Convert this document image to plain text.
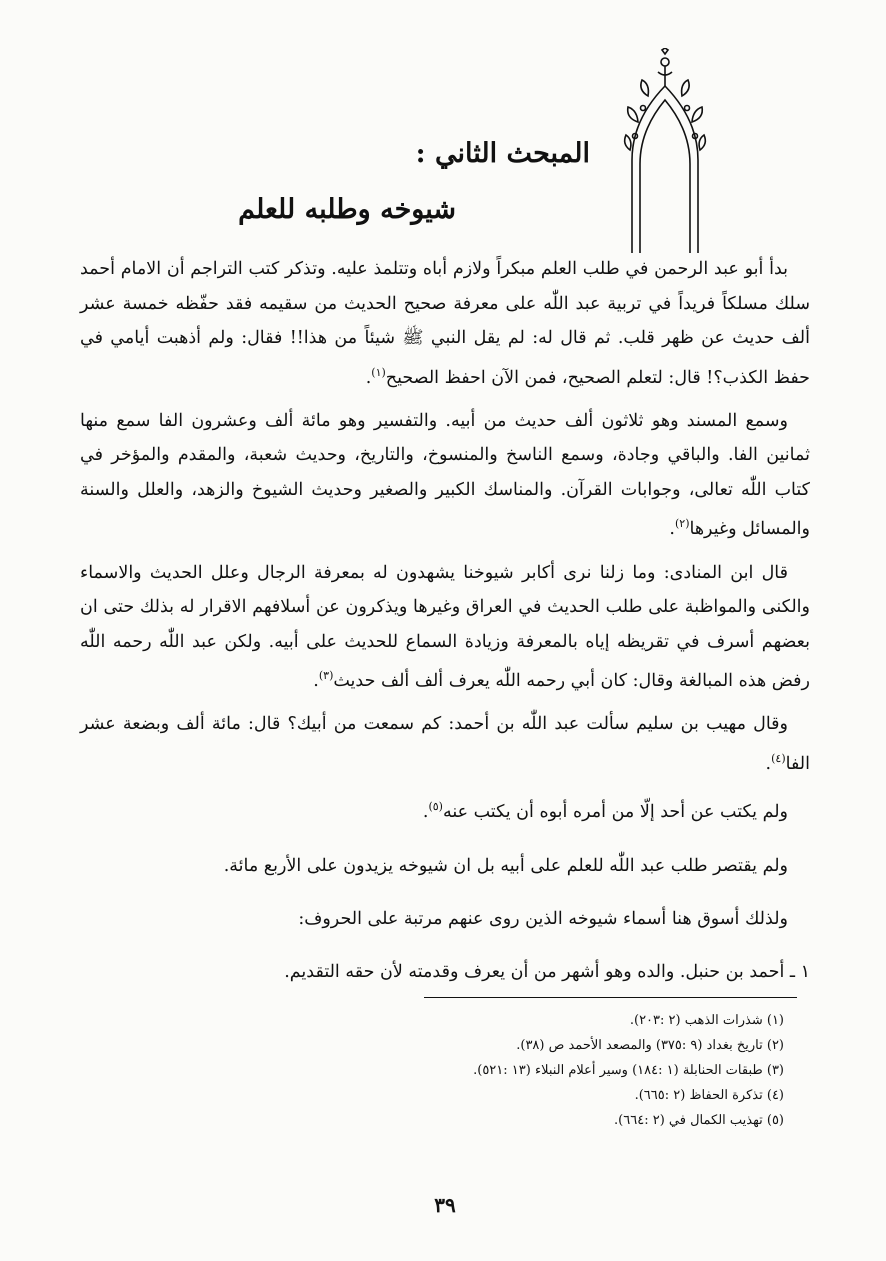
المبحث الثاني :
شيوخه وطلبه للعلم

بدأ أبو عبد الرحمن في طلب العلم مبكراً ولازم أباه وتتلمذ عليه. وتذكر كتب التراجم أن الامام أحمد سلك مسلكاً فريداً في تربية عبد اللّٰه على معرفة صحيح الحديث من سقيمه فقد حفّظه خمسة عشر ألف حديث عن ظهر قلب. ثم قال له: لم يقل النبي ﷺ شيئاً من هذا!! فقال: ولم أذهبت أيامي في حفظ الكذب؟! قال: لتعلم الصحيح، فمن الآن احفظ الصحيح$^{(١)}$.

وسمع المسند وهو ثلاثون ألف حديث من أبيه. والتفسير وهو مائة ألف وعشرون الفا سمع منها ثمانين الفا. والباقي وجادة، وسمع الناسخ والمنسوخ، والتاريخ، وحديث شعبة، والمقدم والمؤخر في كتاب اللّٰه تعالى، وجوابات القرآن. والمناسك الكبير والصغير وحديث الشيوخ والزهد، والعلل والسنة والمسائل وغيرها$^{(٢)}$.

قال ابن المنادى: وما زلنا نرى أكابر شيوخنا يشهدون له بمعرفة الرجال وعلل الحديث والاسماء والكنى والمواظبة على طلب الحديث في العراق وغيرها ويذكرون عن أسلافهم الاقرار له بذلك حتى ان بعضهم أسرف في تقريظه إياه بالمعرفة وزيادة السماع للحديث على أبيه. ولكن عبد اللّٰه رحمه اللّٰه رفض هذه المبالغة وقال: كان أبي رحمه اللّٰه يعرف ألف ألف حديث$^{(٣)}$.

وقال مهيب بن سليم سألت عبد اللّٰه بن أحمد: كم سمعت من أبيك؟ قال: مائة ألف وبضعة عشر الفا$^{(٤)}$.

ولم يكتب عن أحد إلّا من أمره أبوه أن يكتب عنه$^{(٥)}$.

ولم يقتصر طلب عبد اللّٰه للعلم على أبيه بل ان شيوخه يزيدون على الأربع مائة.

ولذلك أسوق هنا أسماء شيوخه الذين روى عنهم مرتبة على الحروف:

١ ـ أحمد بن حنبل. والده وهو أشهر من أن يعرف وقدمته لأن حقه التقديم.

(١) شذرات الذهب (٢ :٢٠٣).
(٢) تاريخ بغداد (٩ :٣٧٥) والمصعد الأحمد ص (٣٨).
(٣) طبقات الحنابلة (١ :١٨٤) وسير أعلام النبلاء (١٣ :٥٢١).
(٤) تذكرة الحفاظ (٢ :٦٦٥).
(٥) تهذيب الكمال في (٢ :٦٦٤).
٣٩
